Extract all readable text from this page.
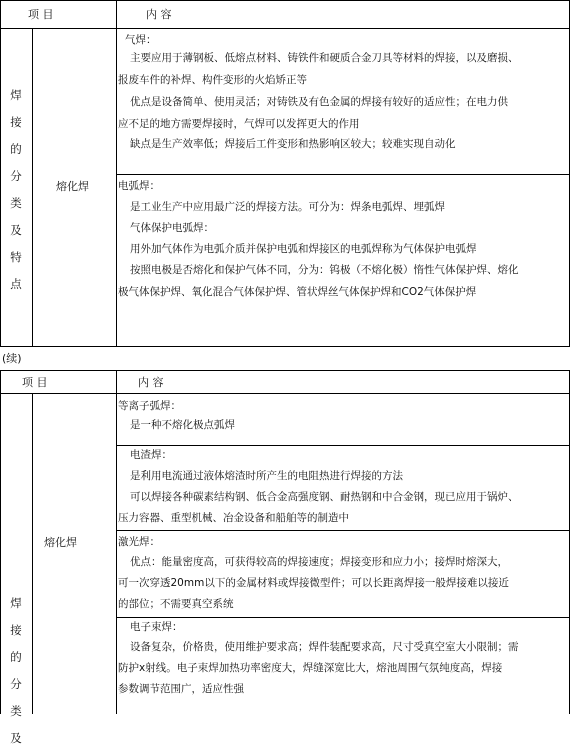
项 目	内 容
焊
接
的
分
类
及
特
点
熔化焊
气焊：
主要应用于薄钢板、低熔点材料、铸铁件和硬质合金刀具等材料的焊接，以及磨损、
报废车件的补焊、构件变形的火焰矫正等
优点是设备简单、使用灵活；对铸铁及有色金属的焊接有较好的适应性；在电力供
应不足的地方需要焊接时，气焊可以发挥更大的作用
缺点是生产效率低；焊接后工件变形和热影响区较大；较难实现自动化
电弧焊：
是工业生产中应用最广泛的焊接方法。可分为：焊条电弧焊、埋弧焊
气体保护电弧焊：
用外加气体作为电弧介质并保护电弧和焊接区的电弧焊称为气体保护电弧焊
按照电极是否熔化和保护气体不同，分为：钨极（不熔化极）惰性气体保护焊、熔化
极气体保护焊、氧化混合气体保护焊、管状焊丝气体保护焊和CO2气体保护焊
(续)
项 目	内 容
焊
接
的
分
类
及
熔化焊
等离子弧焊：
是一种不熔化极点弧焊
电渣焊：
是利用电流通过液体熔渣时所产生的电阻热进行焊接的方法
可以焊接各种碳素结构钢、低合金高强度钢、耐热钢和中合金钢，现已应用于锅炉、
压力容器、重型机械、冶金设备和船舶等的制造中
激光焊：
优点：能量密度高，可获得较高的焊接速度；焊接变形和应力小；接焊时熔深大，
可一次穿透20mm以下的金属材料或焊接微型件；可以长距离焊接一般焊接难以接近
的部位；不需要真空系统
电子束焊：
设备复杂，价格贵，使用维护要求高；焊件装配要求高，尺寸受真空室大小限制；需
防护x射线。电子束焊加热功率密度大，焊缝深宽比大，熔池周围气氛纯度高，焊接
参数调节范围广，适应性强
